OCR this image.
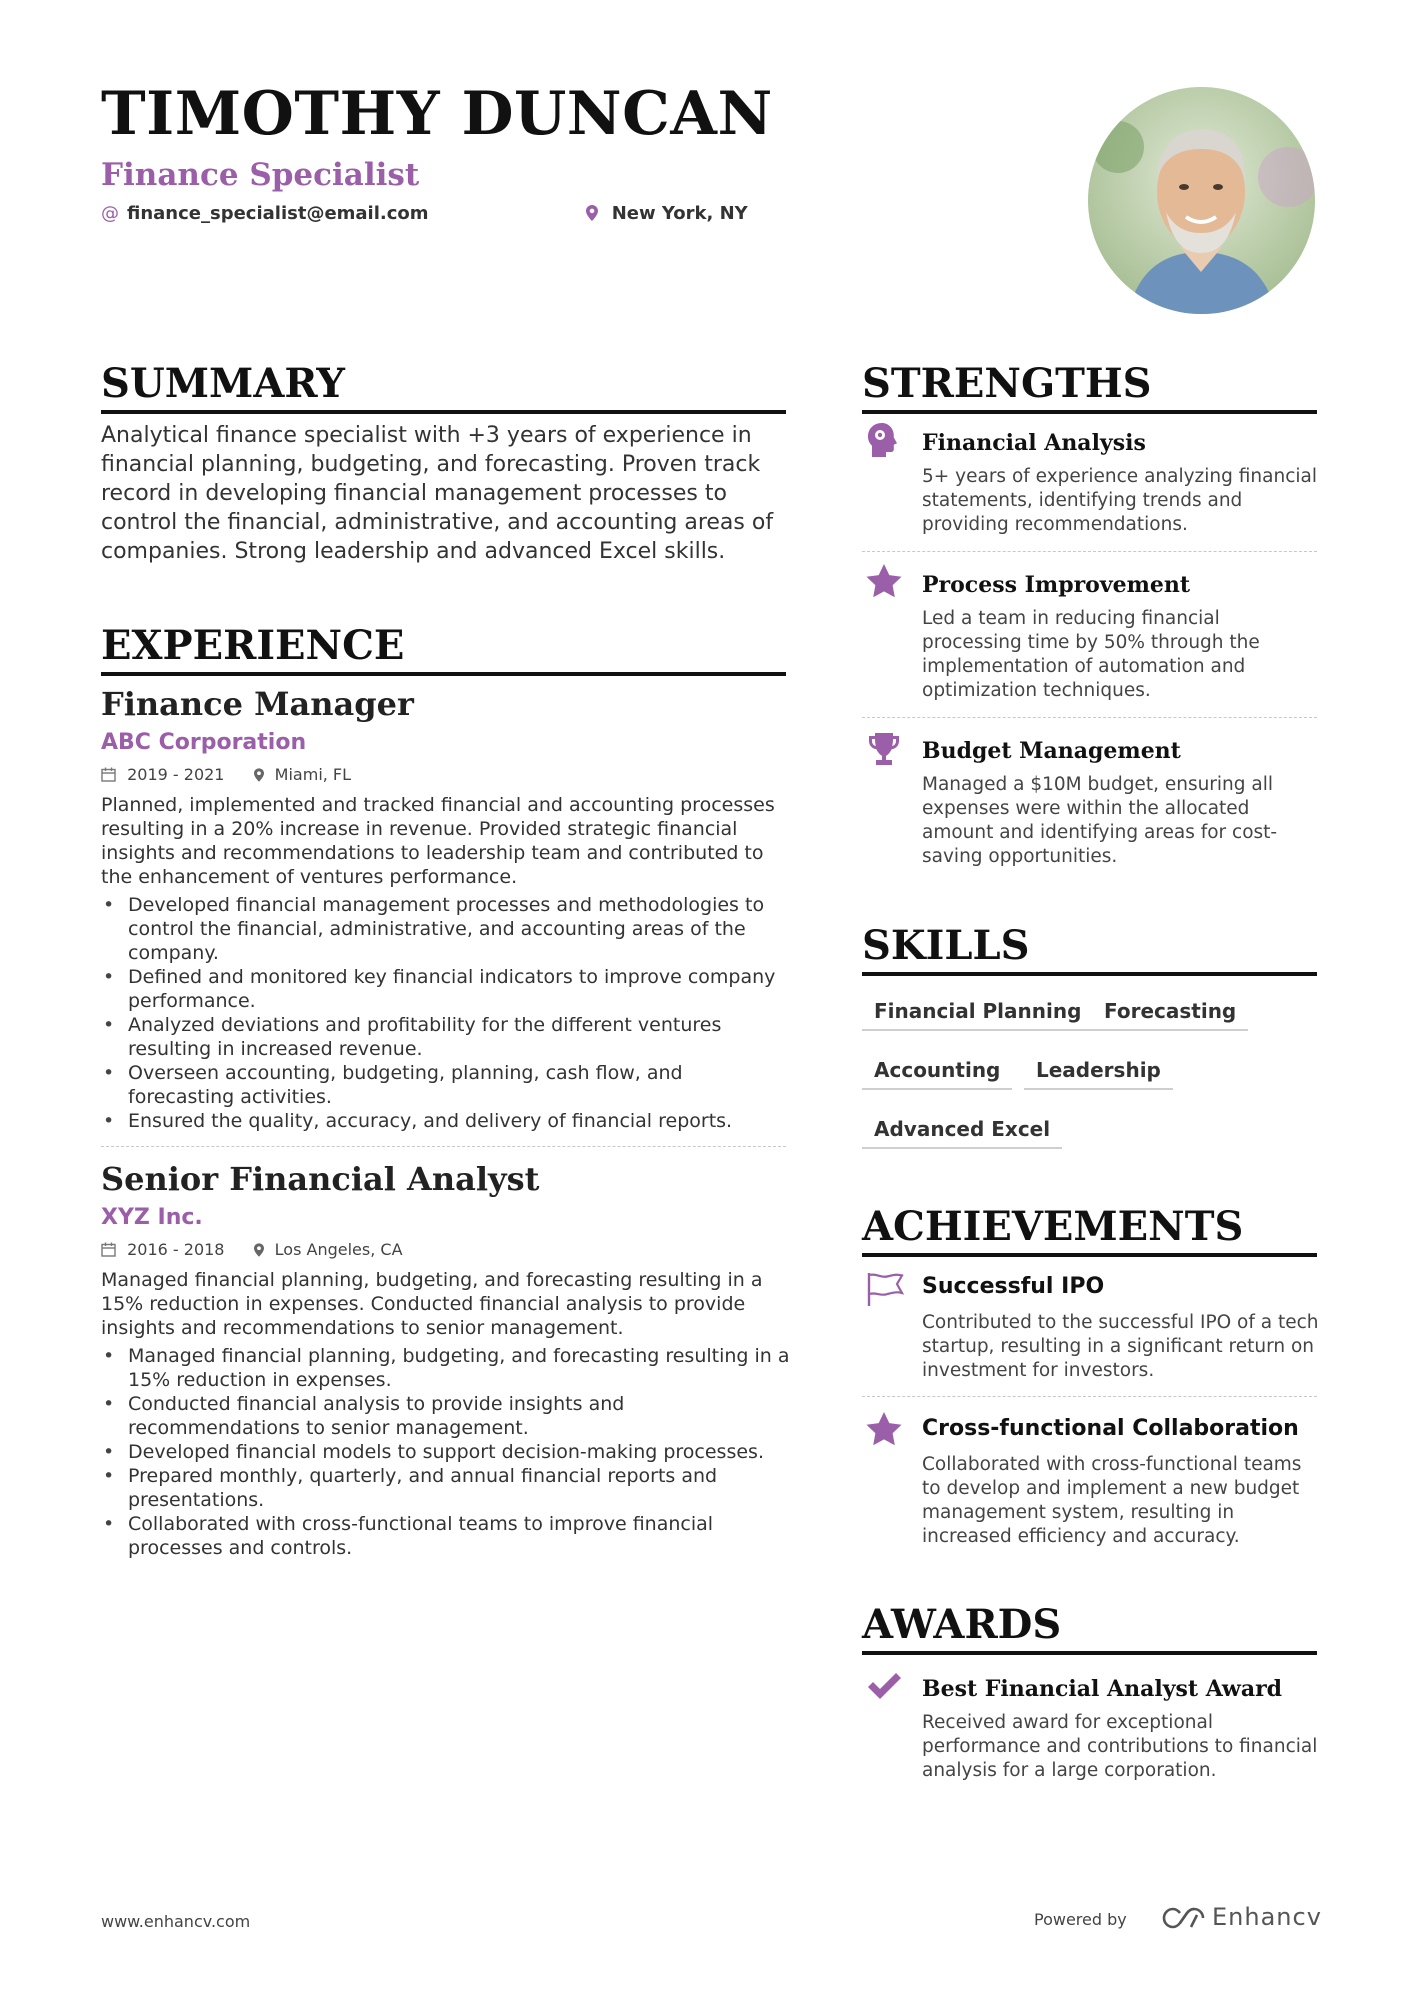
TIMOTHY DUNCAN
Finance Specialist
@ finance_specialist@email.com	New York, NY
SUMMARY

Analytical finance specialist with +3 years of experience in financial planning, budgeting, and forecasting. Proven track record in developing financial management processes to control the financial, administrative, and accounting areas of companies. Strong leadership and advanced Excel skills.

EXPERIENCE
Finance Manager
ABC Corporation
2019 - 2021	Miami, FL

Planned, implemented and tracked financial and accounting processes resulting in a 20% increase in revenue. Provided strategic financial insights and recommendations to leadership team and contributed to the enhancement of ventures performance.

• Developed financial management processes and methodologies to control the financial, administrative, and accounting areas of the company.
• Defined and monitored key financial indicators to improve company performance.
• Analyzed deviations and profitability for the different ventures resulting in increased revenue.
• Overseen accounting, budgeting, planning, cash flow, and forecasting activities.
• Ensured the quality, accuracy, and delivery of financial reports.
Senior Financial Analyst
XYZ Inc.
2016 - 2018	Los Angeles, CA

Managed financial planning, budgeting, and forecasting resulting in a 15% reduction in expenses. Conducted financial analysis to provide insights and recommendations to senior management.

• Managed financial planning, budgeting, and forecasting resulting in a 15% reduction in expenses.
• Conducted financial analysis to provide insights and recommendations to senior management.
• Developed financial models to support decision-making processes.
• Prepared monthly, quarterly, and annual financial reports and presentations.
• Collaborated with cross-functional teams to improve financial processes and controls.
STRENGTHS
Financial Analysis

5+ years of experience analyzing financial statements, identifying trends and providing recommendations.

Process Improvement

Led a team in reducing financial processing time by 50% through the implementation of automation and optimization techniques.

Budget Management

Managed a $10M budget, ensuring all expenses were within the allocated amount and identifying areas for cost-saving opportunities.

SKILLS
Financial Planning	Forecasting
Accounting	Leadership
Advanced Excel
ACHIEVEMENTS
Successful IPO

Contributed to the successful IPO of a tech startup, resulting in a significant return on investment for investors.

Cross-functional Collaboration

Collaborated with cross-functional teams to develop and implement a new budget management system, resulting in increased efficiency and accuracy.

AWARDS
Best Financial Analyst Award

Received award for exceptional performance and contributions to financial analysis for a large corporation.

www.enhancv.com	Powered by	Enhancv
